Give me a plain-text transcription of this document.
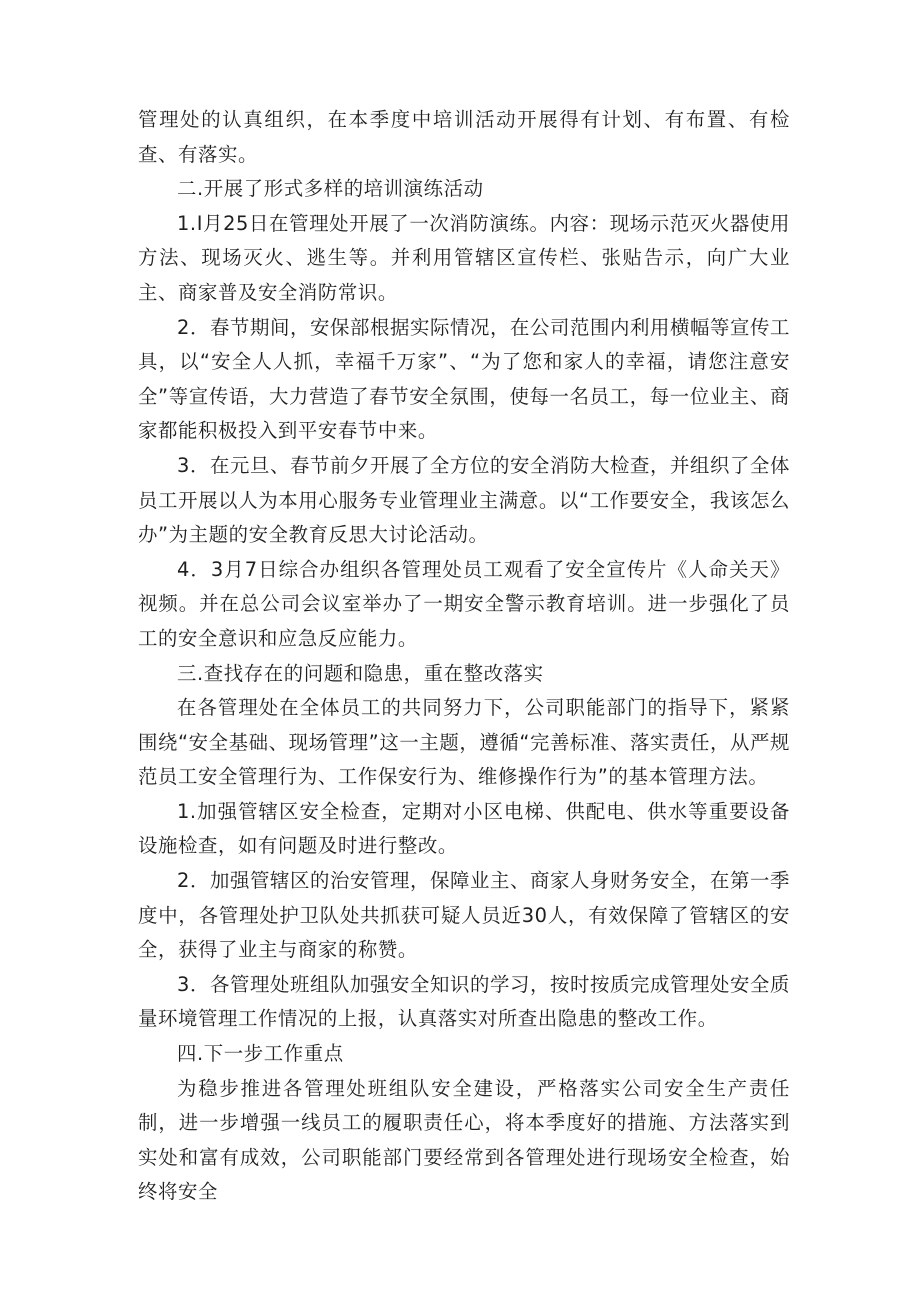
管理处的认真组织，在本季度中培训活动开展得有计划、有布置、有检查、有落实。

二.开展了形式多样的培训演练活动

1.I月25日在管理处开展了一次消防演练。内容：现场示范灭火器使用方法、现场灭火、逃生等。并利用管辖区宣传栏、张贴告示，向广大业主、商家普及安全消防常识。

2．春节期间，安保部根据实际情况，在公司范围内利用横幅等宣传工具，以“安全人人抓，幸福千万家”、“为了您和家人的幸福，请您注意安全”等宣传语，大力营造了春节安全氛围，使每一名员工，每一位业主、商家都能积极投入到平安春节中来。

3．在元旦、春节前夕开展了全方位的安全消防大检查，并组织了全体员工开展以人为本用心服务专业管理业主满意。以“工作要安全，我该怎么办”为主题的安全教育反思大讨论活动。

4．3月7日综合办组织各管理处员工观看了安全宣传片《人命关天》视频。并在总公司会议室举办了一期安全警示教育培训。进一步强化了员工的安全意识和应急反应能力。

三.查找存在的问题和隐患，重在整改落实

在各管理处在全体员工的共同努力下，公司职能部门的指导下，紧紧围绕“安全基础、现场管理”这一主题，遵循“完善标准、落实责任，从严规范员工安全管理行为、工作保安行为、维修操作行为”的基本管理方法。

1.加强管辖区安全检查，定期对小区电梯、供配电、供水等重要设备设施检查，如有问题及时进行整改。

2．加强管辖区的治安管理，保障业主、商家人身财务安全，在第一季度中，各管理处护卫队处共抓获可疑人员近30人，有效保障了管辖区的安全，获得了业主与商家的称赞。

3．各管理处班组队加强安全知识的学习，按时按质完成管理处安全质量环境管理工作情况的上报，认真落实对所查出隐患的整改工作。

四.下一步工作重点

为稳步推进各管理处班组队安全建设，严格落实公司安全生产责任制，进一步增强一线员工的履职责任心，将本季度好的措施、方法落实到实处和富有成效，公司职能部门要经常到各管理处进行现场安全检查，始终将安全
